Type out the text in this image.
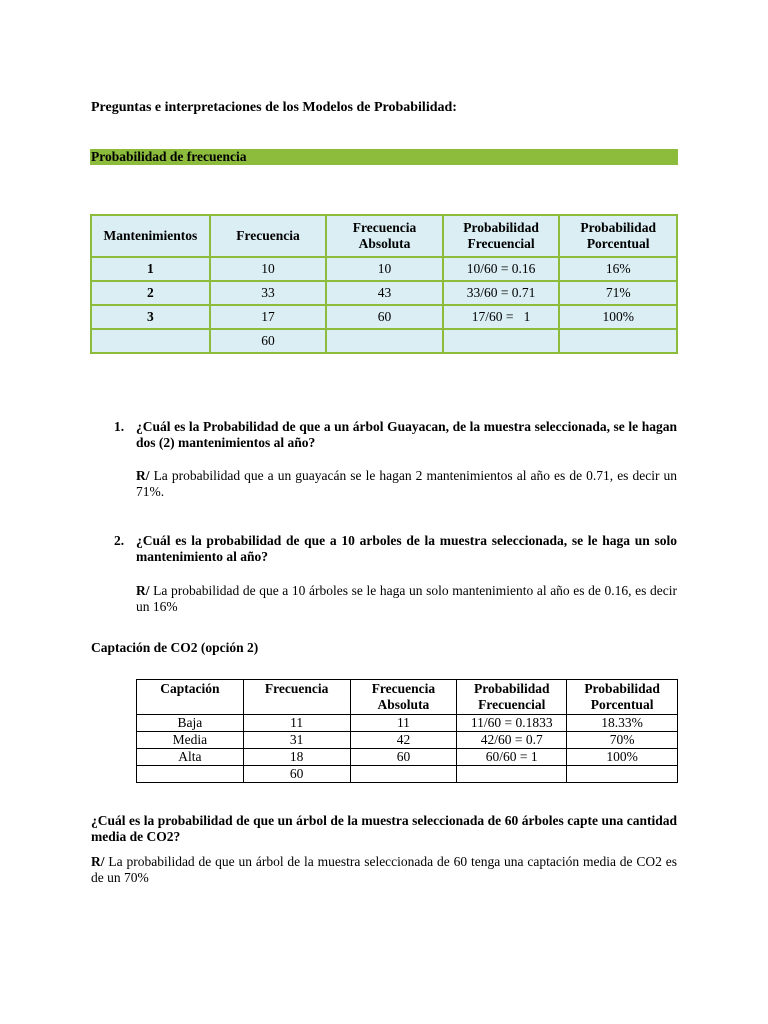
Preguntas e interpretaciones de los Modelos de Probabilidad:
Probabilidad de frecuencia
Mantenimientos	Frecuencia	Frecuencia Absoluta	Probabilidad Frecuencial	Probabilidad Porcentual
1	10	10	10/60 = 0.16	16%
2	33	43	33/60 = 0.71	71%
3	17	60	17/60 =   1	100%
	60			
1. ¿Cuál es la Probabilidad de que a un árbol Guayacan, de la muestra seleccionada, se le hagan dos (2) mantenimientos al año?
R/ La probabilidad que a un guayacán se le hagan 2 mantenimientos al año es de 0.71, es decir un 71%.
2. ¿Cuál es la probabilidad de que a 10 arboles de la muestra seleccionada, se le haga un solo mantenimiento al año?
R/ La probabilidad de que a 10 árboles se le haga un solo mantenimiento al año es de 0.16, es decir un 16%
Captación de CO2 (opción 2)
Captación	Frecuencia	Frecuencia Absoluta	Probabilidad Frecuencial	Probabilidad Porcentual
Baja	11	11	11/60 = 0.1833	18.33%
Media	31	42	42/60 = 0.7	70%
Alta	18	60	60/60 = 1	100%
	60			
¿Cuál es la probabilidad de que un árbol de la muestra seleccionada de 60 árboles capte una cantidad media de CO2?
R/ La probabilidad de que un árbol de la muestra seleccionada de 60 tenga una captación media de CO2 es de un 70%
